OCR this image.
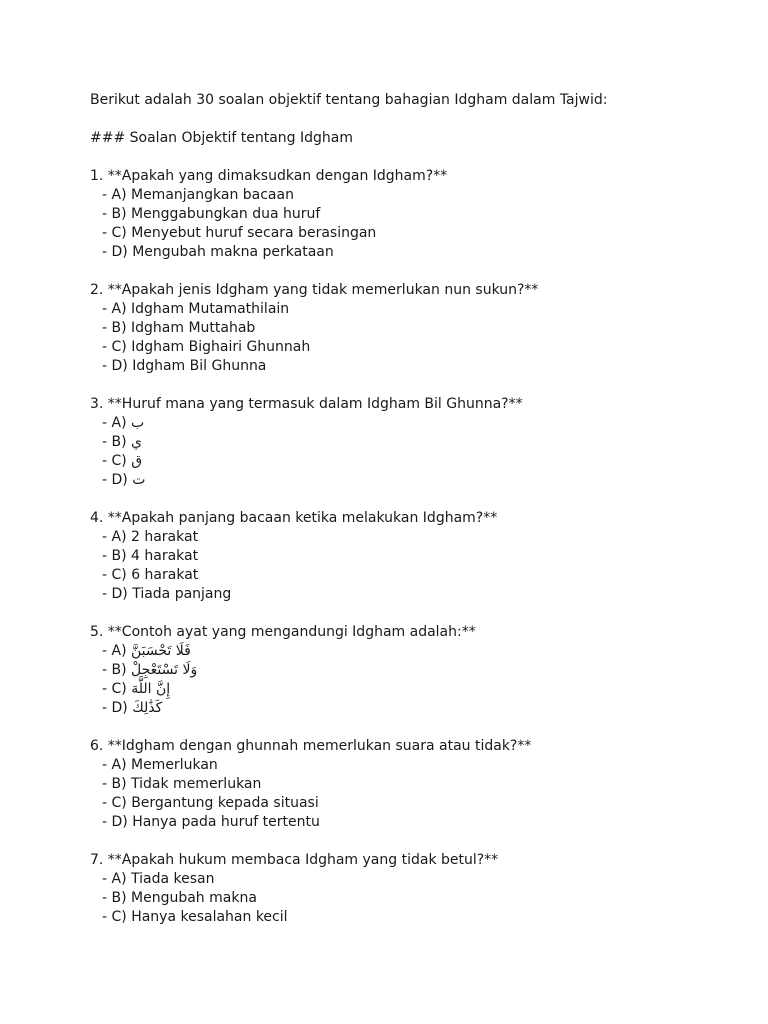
Berikut adalah 30 soalan objektif tentang bahagian Idgham dalam Tajwid:
### Soalan Objektif tentang Idgham
1. **Apakah yang dimaksudkan dengan Idgham?**
- A) Memanjangkan bacaan
- B) Menggabungkan dua huruf
- C) Menyebut huruf secara berasingan
- D) Mengubah makna perkataan
2. **Apakah jenis Idgham yang tidak memerlukan nun sukun?**
- A) Idgham Mutamathilain
- B) Idgham Muttahab
- C) Idgham Bighairi Ghunnah
- D) Idgham Bil Ghunna
3. **Huruf mana yang termasuk dalam Idgham Bil Ghunna?**
- A) ب
- B) ي
- C) ق
- D) ت
4. **Apakah panjang bacaan ketika melakukan Idgham?**
- A) 2 harakat
- B) 4 harakat
- C) 6 harakat
- D) Tiada panjang
5. **Contoh ayat yang mengandungi Idgham adalah:**
- A) فَلَا تَحْسَبَنَّ
- B) وَلَا تَسْتَعْجِلْ
- C) إِنَّ اللَّهَ
- D) كَذَٰلِكَ
6. **Idgham dengan ghunnah memerlukan suara atau tidak?**
- A) Memerlukan
- B) Tidak memerlukan
- C) Bergantung kepada situasi
- D) Hanya pada huruf tertentu
7. **Apakah hukum membaca Idgham yang tidak betul?**
- A) Tiada kesan
- B) Mengubah makna
- C) Hanya kesalahan kecil
